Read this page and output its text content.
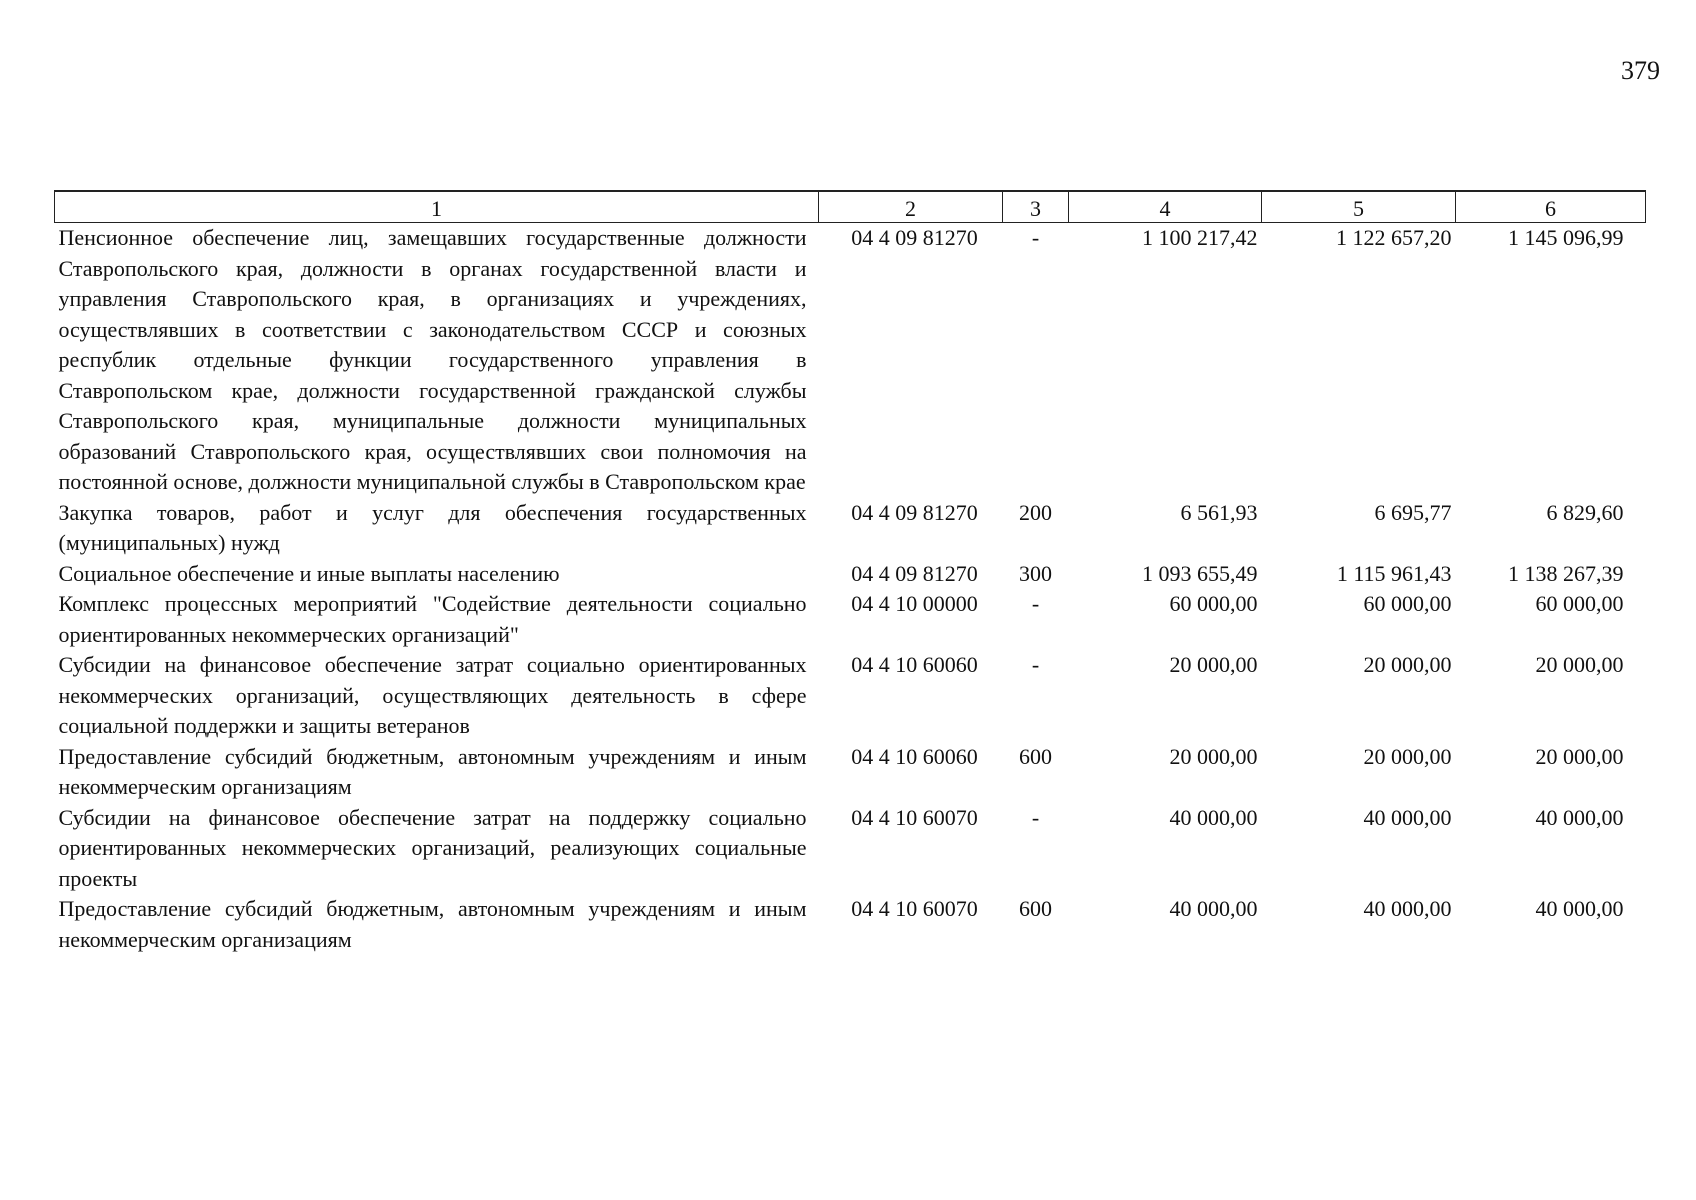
379
1	2	3	4	5	6
Пенсионное обеспечение лиц, замещавших государственные должности Ставропольского края, должности в органах государственной власти и управления Ставропольского края, в организациях и учреждениях, осуществлявших в соответствии с законодательством СССР и союзных республик отдельные функции государственного управления в Ставропольском крае, должности государственной гражданской службы Ставропольского края, муниципальные должности муниципальных образований Ставропольского края, осуществлявших свои полномочия на постоянной основе, должности муниципальной службы в Ставропольском крае	04 4 09 81270	-	1 100 217,42	1 122 657,20	1 145 096,99
Закупка товаров, работ и услуг для обеспечения государственных (муниципальных) нужд	04 4 09 81270	200	6 561,93	6 695,77	6 829,60
Социальное обеспечение и иные выплаты населению	04 4 09 81270	300	1 093 655,49	1 115 961,43	1 138 267,39
Комплекс процессных мероприятий "Содействие деятельности социально ориентированных некоммерческих организаций"	04 4 10 00000	-	60 000,00	60 000,00	60 000,00
Субсидии на финансовое обеспечение затрат социально ориентированных некоммерческих организаций, осуществляющих деятельность в сфере социальной поддержки и защиты ветеранов	04 4 10 60060	-	20 000,00	20 000,00	20 000,00
Предоставление субсидий бюджетным, автономным учреждениям и иным некоммерческим организациям	04 4 10 60060	600	20 000,00	20 000,00	20 000,00
Субсидии на финансовое обеспечение затрат на поддержку социально ориентированных некоммерческих организаций, реализующих социальные проекты	04 4 10 60070	-	40 000,00	40 000,00	40 000,00
Предоставление субсидий бюджетным, автономным учреждениям и иным некоммерческим организациям	04 4 10 60070	600	40 000,00	40 000,00	40 000,00
